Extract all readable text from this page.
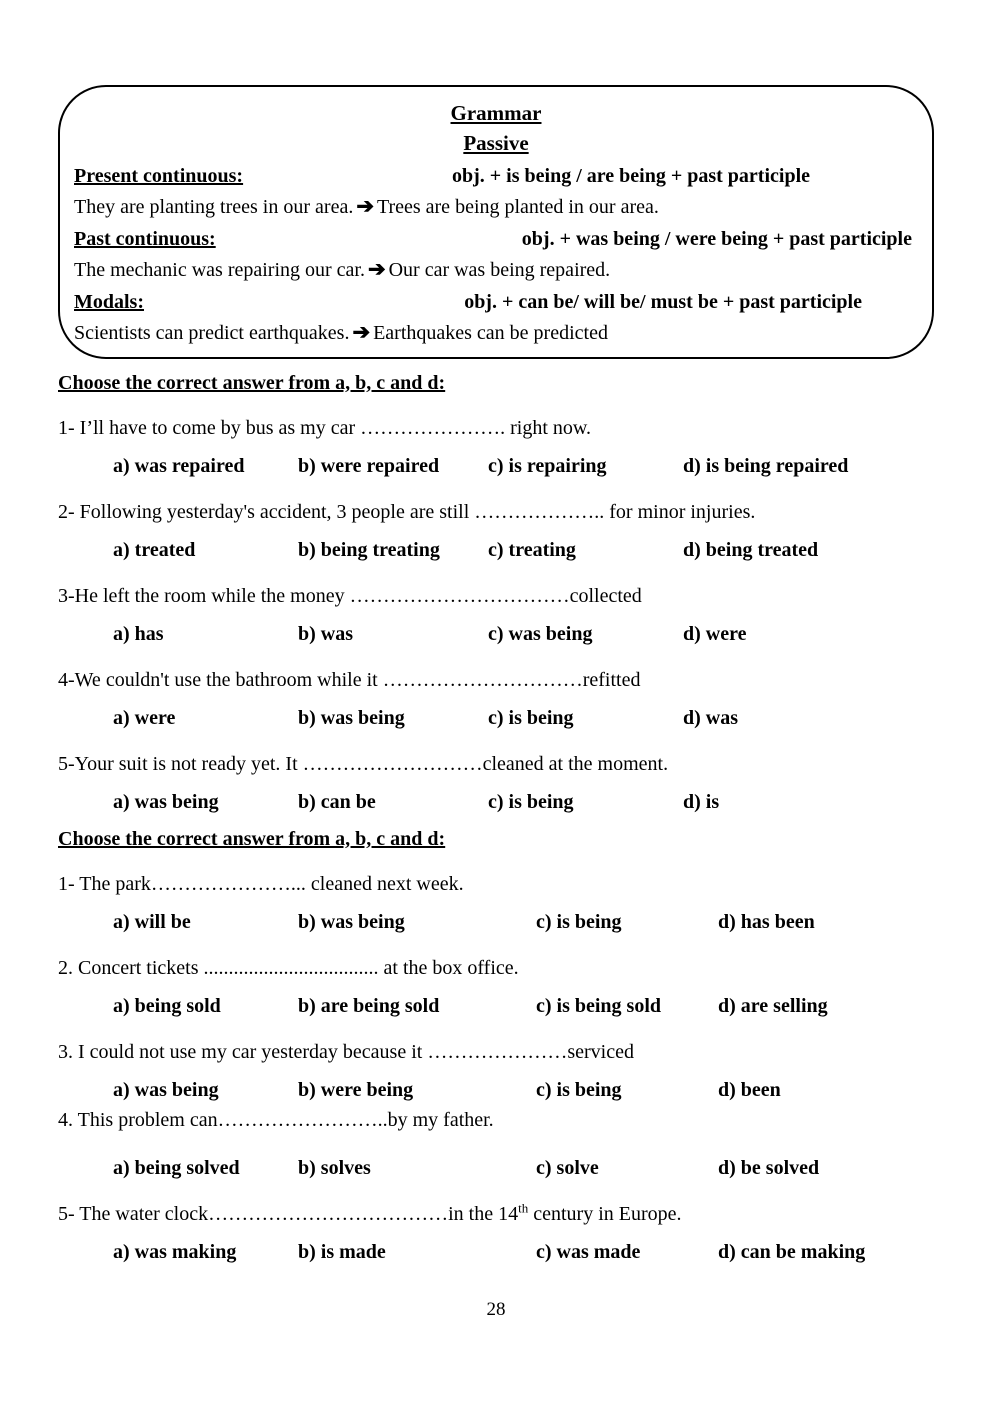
Grammar
Passive
Present continuous:	obj. + is being / are being + past participle
They are planting trees in our area. ➔ Trees are being planted in our area.
Past continuous:	obj. + was being / were being + past participle
The mechanic was repairing our car. ➔ Our car was being repaired.
Modals:	obj. + can be/ will be/ must be + past participle
Scientists can predict earthquakes. ➔ Earthquakes can be predicted
Choose the correct answer from a, b, c and d:
1- I’ll have to come by bus as my car …………………. right now.
a) was repaired	b) were repaired	c) is repairing	d) is being repaired
2- Following yesterday's accident, 3 people are still ……………….. for minor injuries.
a) treated	b) being treating	c) treating	d) being treated
3-He left the room while the money ……………………………collected
a) has	b) was	c) was being	d) were
4-We couldn't use the bathroom while it …………………………refitted
a) were	b) was being	c) is being	d) was
5-Your suit is not ready yet. It ………………………cleaned at the moment.
a) was being	b) can be	c) is being	d) is
Choose the correct answer from a, b, c and d:
1- The park…………………... cleaned next week.
a) will be	b) was being	c) is being	d) has been
2. Concert tickets ................................... at the box office.
a) being sold	b) are being sold	c) is being sold	d) are selling
3. I could not use my car yesterday because it …………………serviced
a) was being	b) were being	c) is being	d) been
4. This problem can……………………..by my father.
a) being solved	b) solves	c) solve	d) be solved
5- The water clock………………………………in the 14th century in Europe.
a) was making	b) is made	c) was made	d) can be making
28
